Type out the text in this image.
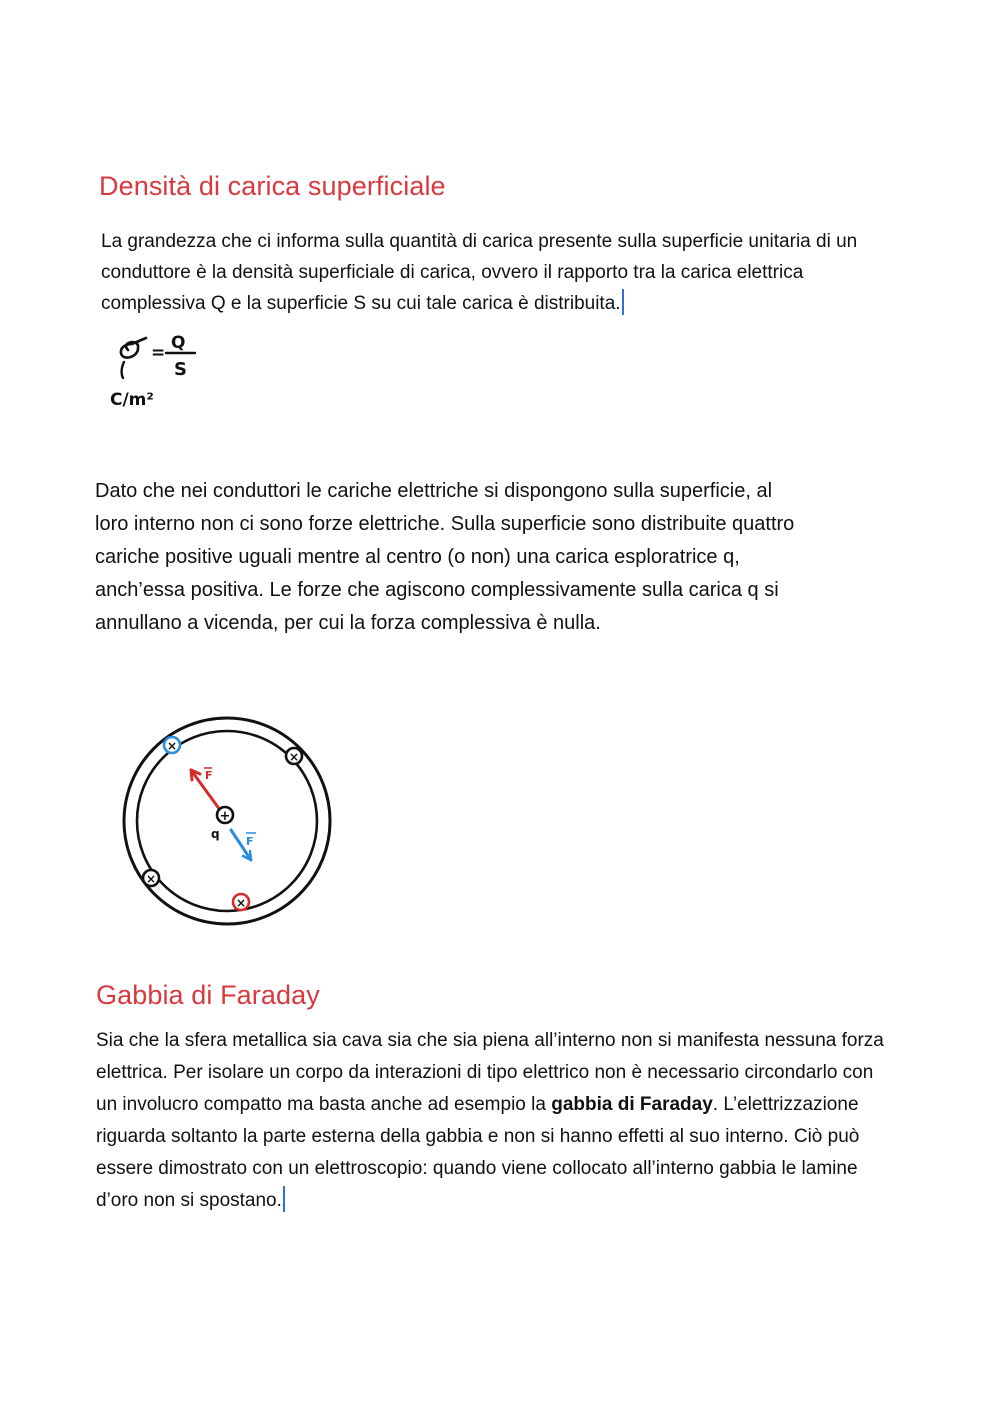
Densità di carica superficiale
La grandezza che ci informa sulla quantità di carica presente sulla superficie unitaria di un
conduttore è la densità superficiale di carica, ovvero il rapporto tra la carica elettrica
complessiva Q e la superficie S su cui tale carica è distribuita.
= Q
S
C/m²
Dato che nei conduttori le cariche elettriche si dispongono sulla superficie, al
loro interno non ci sono forze elettriche. Sulla superficie sono distribuite quattro
cariche positive uguali mentre al centro (o non) una carica esploratrice q,
anch’essa positiva. Le forze che agiscono complessivamente sulla carica q si
annullano a vicenda, per cui la forza complessiva è nulla.
×
×
×
×
F
F
+
q
Gabbia di Faraday
Sia che la sfera metallica sia cava sia che sia piena all’interno non si manifesta nessuna forza
elettrica. Per isolare un corpo da interazioni di tipo elettrico non è necessario circondarlo con
un involucro compatto ma basta anche ad esempio la gabbia di Faraday. L’elettrizzazione
riguarda soltanto la parte esterna della gabbia e non si hanno effetti al suo interno. Ciò può
essere dimostrato con un elettroscopio: quando viene collocato all’interno gabbia le lamine
d’oro non si spostano.
